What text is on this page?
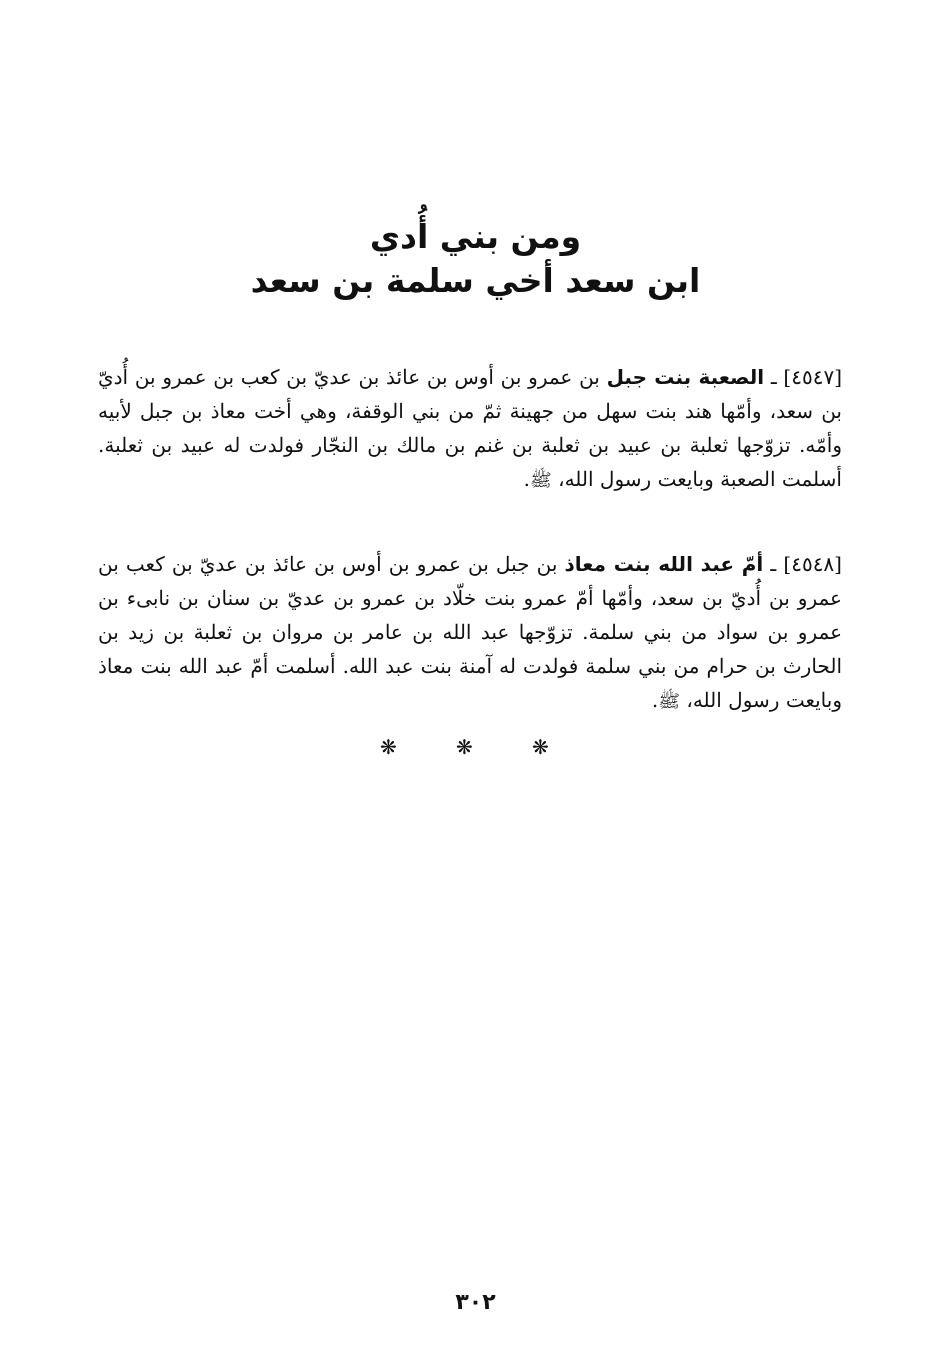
ومن بني أُدي
ابن سعد أخي سلمة بن سعد

[٤٥٤٧] ـ الصعبة بنت جبل بن عمرو بن أوس بن عائذ بن عديّ بن كعب بن عمرو بن أُديّ بن سعد، وأمّها هند بنت سهل من جهينة ثمّ من بني الوقفة، وهي أخت معاذ بن جبل لأبيه وأمّه. تزوّجها ثعلبة بن عبيد بن ثعلبة بن غنم بن مالك بن النجّار فولدت له عبيد بن ثعلبة. أسلمت الصعبة وبايعت رسول الله، ﷺ.

[٤٥٤٨] ـ أمّ عبد الله بنت معاذ بن جبل بن عمرو بن أوس بن عائذ بن عديّ بن كعب بن عمرو بن أُديّ بن سعد، وأمّها أمّ عمرو بنت خلّاد بن عمرو بن عديّ بن سنان بن نابىء بن عمرو بن سواد من بني سلمة. تزوّجها عبد الله بن عامر بن مروان بن ثعلبة بن زيد بن الحارث بن حرام من بني سلمة فولدت له آمنة بنت عبد الله. أسلمت أمّ عبد الله بنت معاذ وبايعت رسول الله، ﷺ.

❋	❋	❋
٣٠٢
